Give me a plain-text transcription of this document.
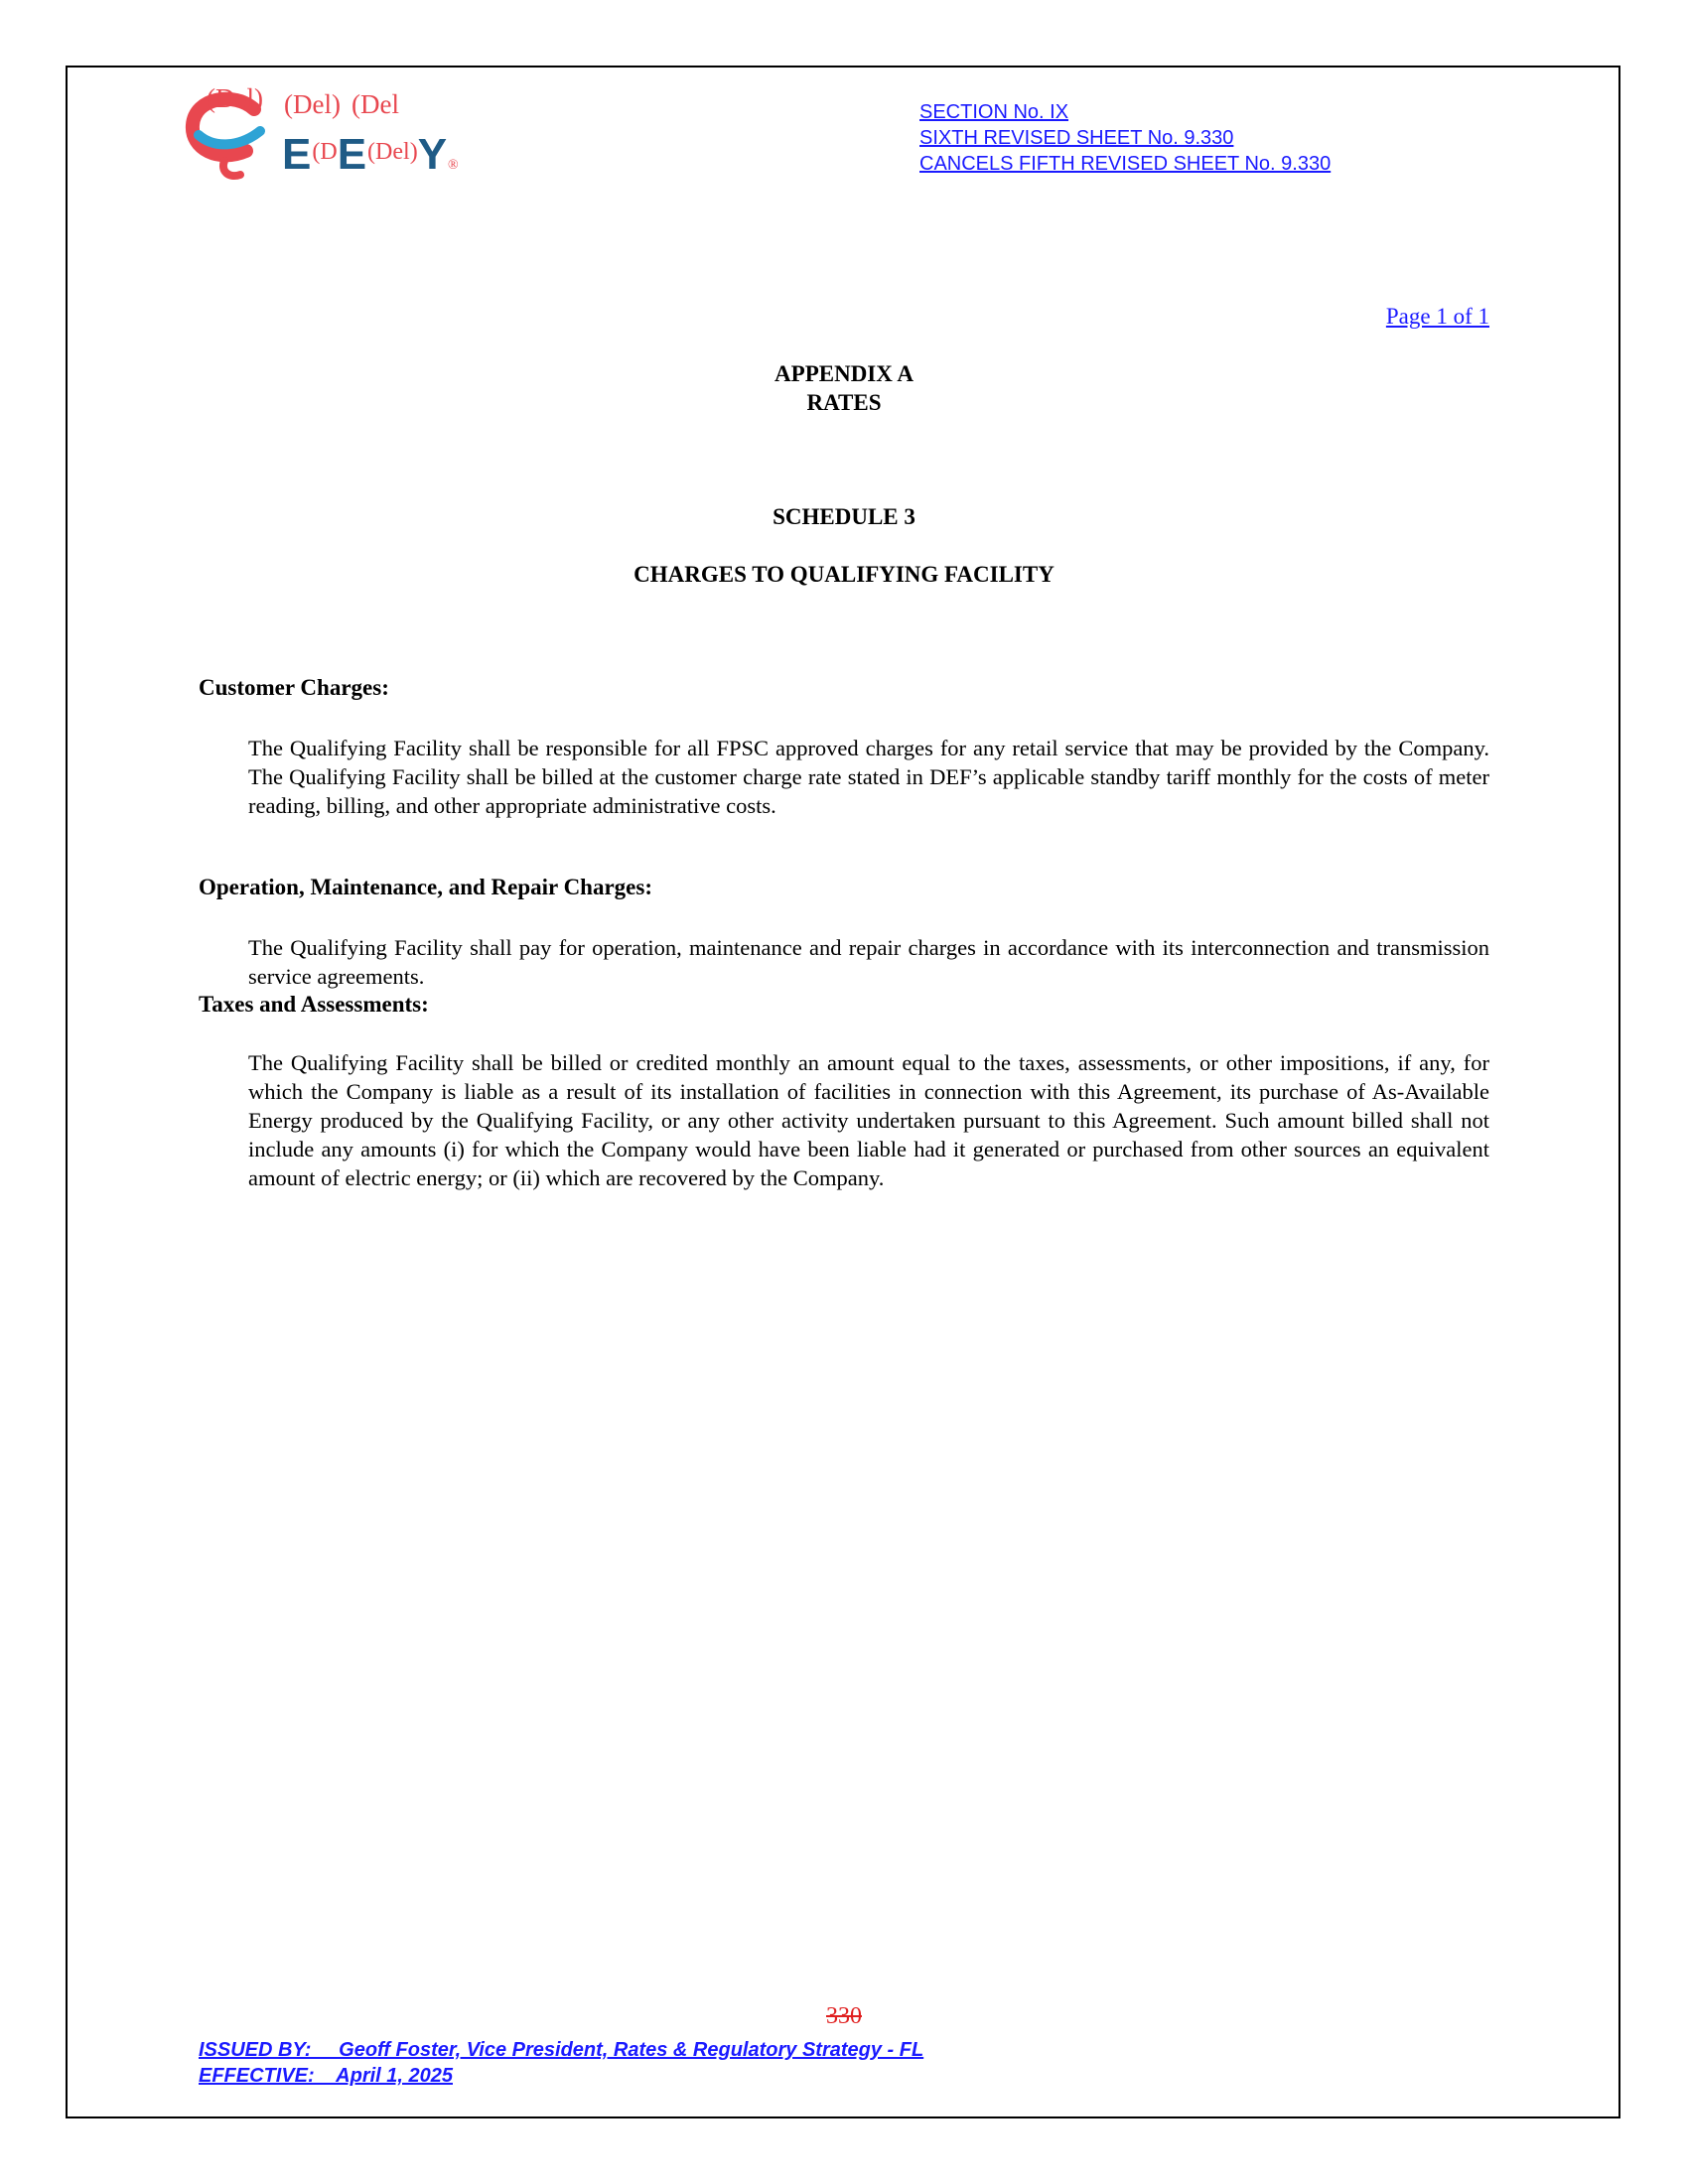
(Del) (Del) (Del
$E^{(D}E^{(Del)}Y®$
SECTION No. IX
SIXTH REVISED SHEET No. 9.330
CANCELS FIFTH REVISED SHEET No. 9.330
Page 1 of 1
APPENDIX A
RATES
SCHEDULE 3
CHARGES TO QUALIFYING FACILITY
Customer Charges:
The Qualifying Facility shall be responsible for all FPSC approved charges for any retail service that may be provided by the Company. The Qualifying Facility shall be billed at the customer charge rate stated in DEF’s applicable standby tariff monthly for the costs of meter reading, billing, and other appropriate administrative costs.
Operation, Maintenance, and Repair Charges:
The Qualifying Facility shall pay for operation, maintenance and repair charges in accordance with its interconnection and transmission service agreements.
Taxes and Assessments:
The Qualifying Facility shall be billed or credited monthly an amount equal to the taxes, assessments, or other impositions, if any, for which the Company is liable as a result of its installation of facilities in connection with this Agreement, its purchase of As-Available Energy produced by the Qualifying Facility, or any other activity undertaken pursuant to this Agreement. Such amount billed shall not include any amounts (i) for which the Company would have been liable had it generated or purchased from other sources an equivalent amount of electric energy; or (ii) which are recovered by the Company.
330
ISSUED BY:     Geoff Foster, Vice President, Rates & Regulatory Strategy - FL
EFFECTIVE:    April 1, 2025
